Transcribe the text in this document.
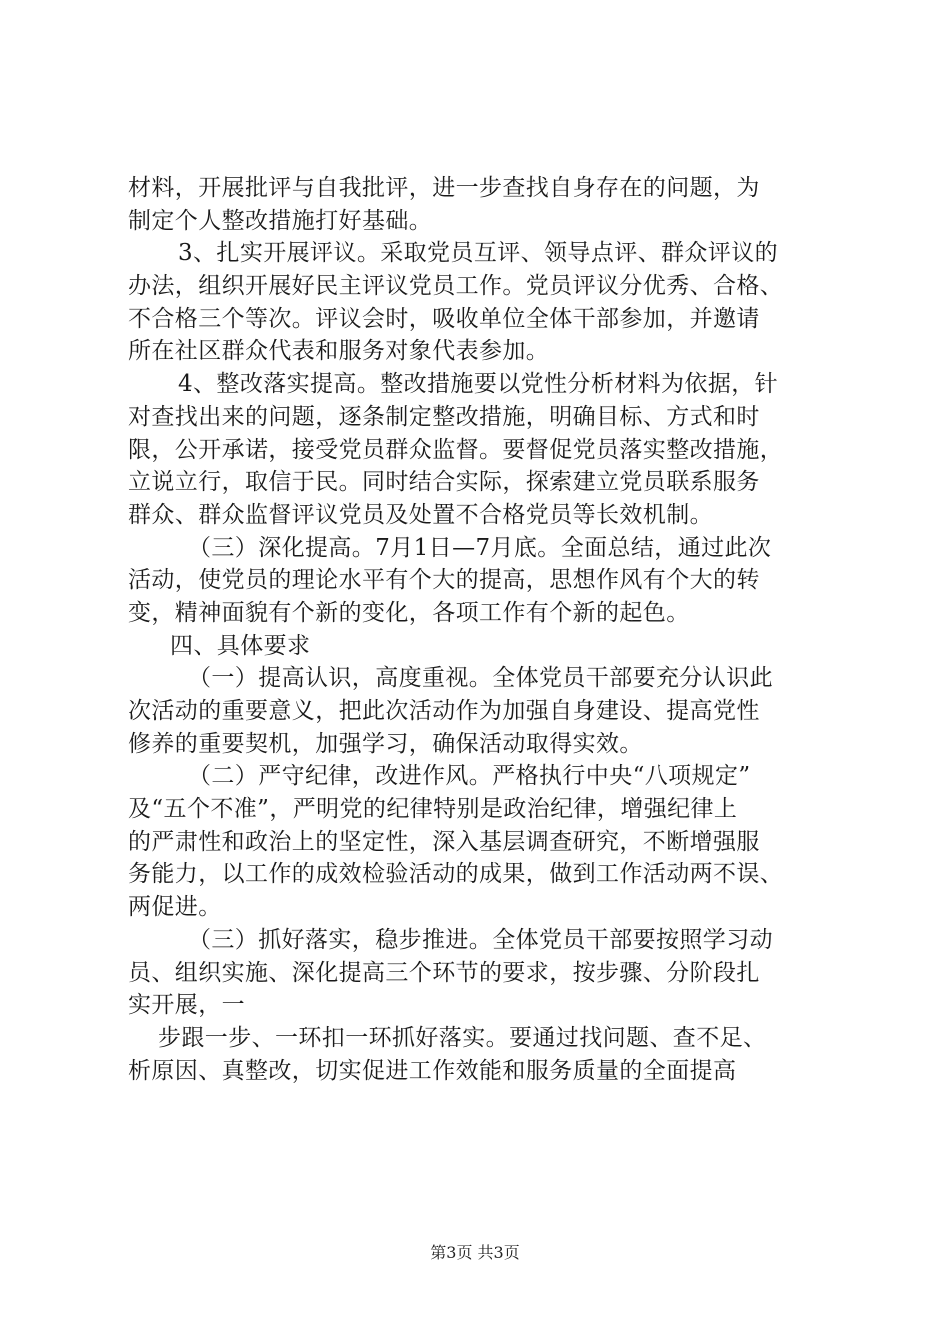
材料，开展批评与自我批评，进一步查找自身存在的问题，为
制定个人整改措施打好基础。
3、扎实开展评议。采取党员互评、领导点评、群众评议的
办法，组织开展好民主评议党员工作。党员评议分优秀、合格、
不合格三个等次。评议会时，吸收单位全体干部参加，并邀请
所在社区群众代表和服务对象代表参加。
4、整改落实提高。整改措施要以党性分析材料为依据，针
对查找出来的问题，逐条制定整改措施，明确目标、方式和时
限，公开承诺，接受党员群众监督。要督促党员落实整改措施，
立说立行，取信于民。同时结合实际，探索建立党员联系服务
群众、群众监督评议党员及处置不合格党员等长效机制。
（三）深化提高。7月1日—7月底。全面总结，通过此次
活动，使党员的理论水平有个大的提高，思想作风有个大的转
变，精神面貌有个新的变化，各项工作有个新的起色。
四、具体要求
（一）提高认识，高度重视。全体党员干部要充分认识此
次活动的重要意义，把此次活动作为加强自身建设、提高党性
修养的重要契机，加强学习，确保活动取得实效。
（二）严守纪律，改进作风。严格执行中央“八项规定”
及“五个不准”，严明党的纪律特别是政治纪律，增强纪律上
的严肃性和政治上的坚定性，深入基层调查研究，不断增强服
务能力，以工作的成效检验活动的成果，做到工作活动两不误、
两促进。
（三）抓好落实，稳步推进。全体党员干部要按照学习动
员、组织实施、深化提高三个环节的要求，按步骤、分阶段扎
实开展，一
步跟一步、一环扣一环抓好落实。要通过找问题、查不足、
析原因、真整改，切实促进工作效能和服务质量的全面提高
第3页 共3页
